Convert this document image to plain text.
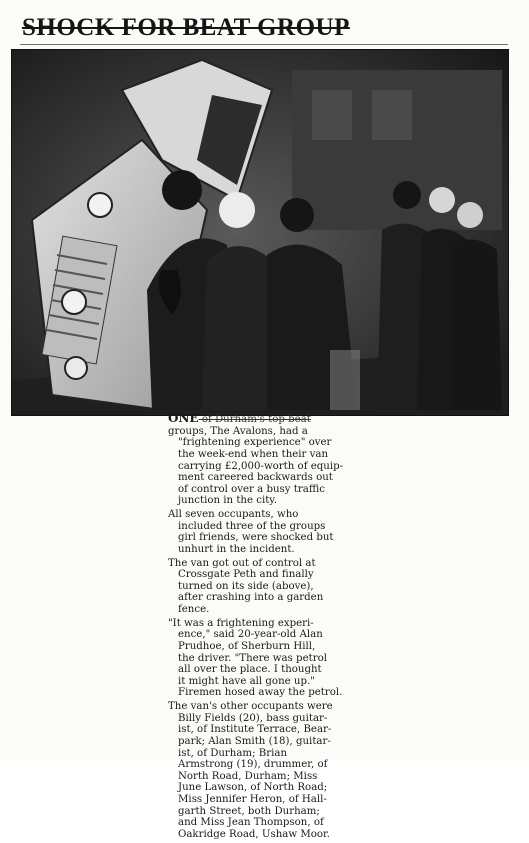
SHOCK FOR BEAT GROUP
ONE of Durham's top beat
groups, The Avalons, had a
"frightening experience" over
the week-end when their van
carrying £2,000-worth of equip-
ment careered backwards out
of control over a busy traffic
junction in the city.
All seven occupants, who
included three of the groups
girl friends, were shocked but
unhurt in the incident.
The van got out of control at
Crossgate Peth and finally
turned on its side (above),
after crashing into a garden
fence.
"It was a frightening experi-
ence," said 20-year-old Alan
Prudhoe, of Sherburn Hill,
the driver. "There was petrol
all over the place. I thought
it might have all gone up."
Firemen hosed away the petrol.
The van's other occupants were
Billy Fields (20), bass guitar-
ist, of Institute Terrace, Bear-
park; Alan Smith (18), guitar-
ist, of Durham; Brian
Armstrong (19), drummer, of
North Road, Durham; Miss
June Lawson, of North Road;
Miss Jennifer Heron, of Hall-
garth Street, both Durham;
and Miss Jean Thompson, of
Oakridge Road, Ushaw Moor.
